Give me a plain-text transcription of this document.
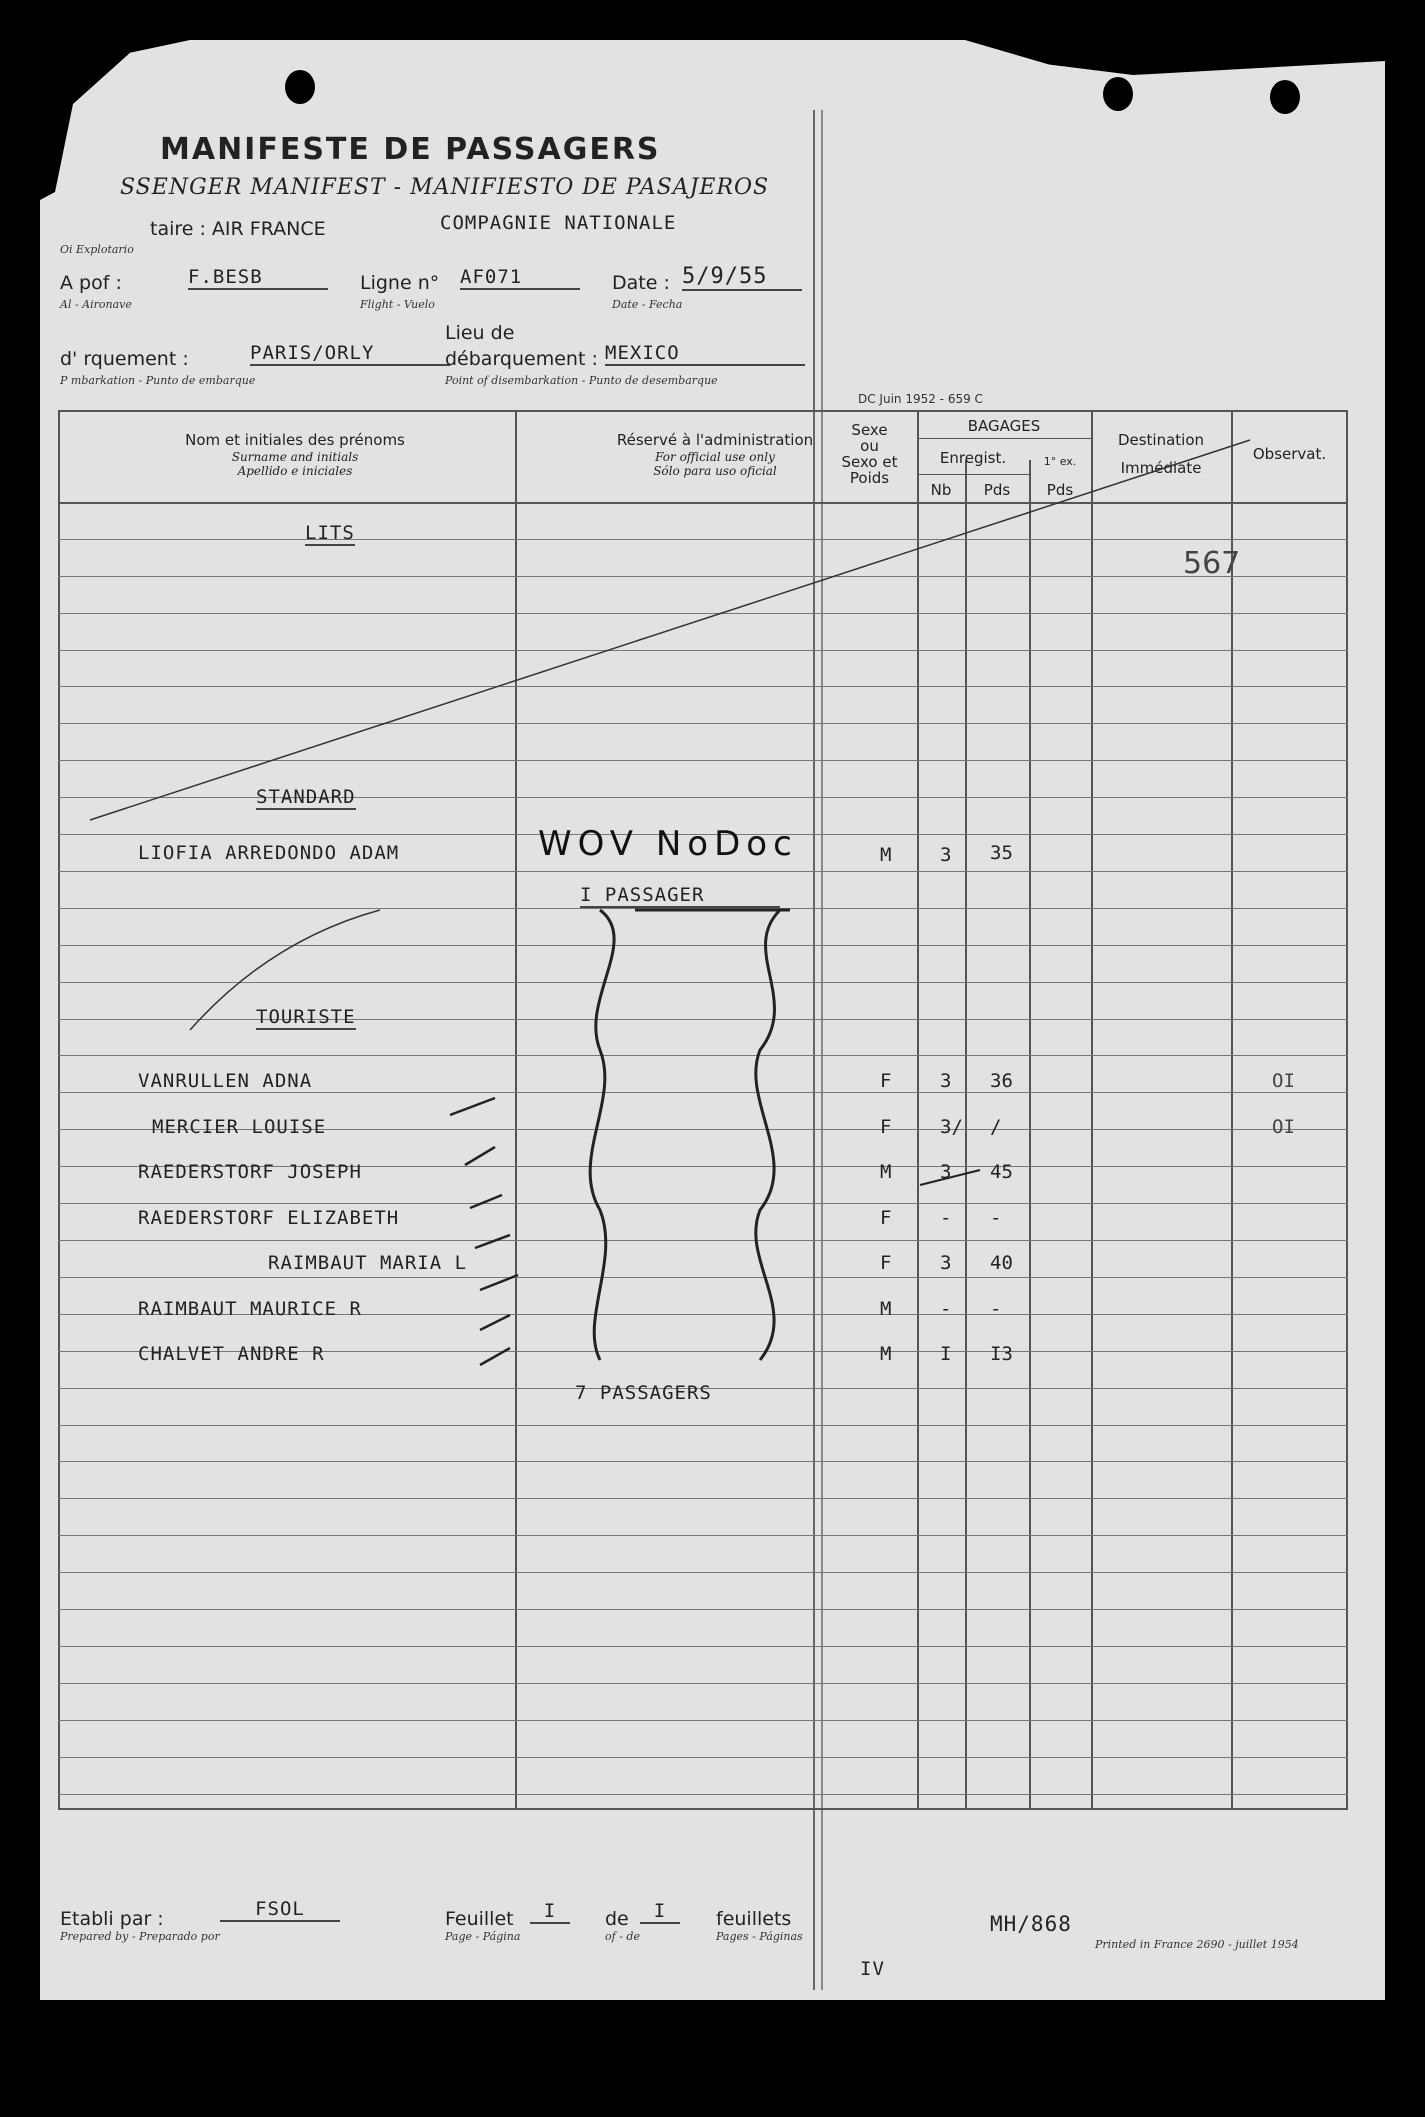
MANIFESTE DE PASSAGERS
SSENGER MANIFEST - MANIFIESTO DE PASAJEROS
taire : AIR FRANCE	COMPAGNIE NATIONALE
Oi Explotario
A pof :	F.BESB
Al - Aironave
Ligne n° AF071
Flight - Vuelo
Date : 5/9/55
Date - Fecha
d' rquement :	PARIS/ORLY
P mbarkation - Punto de embarque
Lieu de
débarquement : MEXICO
Point of disembarkation - Punto de desembarque
DC Juin 1952 - 659 C
Nom et initiales des prénoms
Surname and initials
Apellido e iniciales
Réservé à l'administration
For official use only
Sólo para uso oficial
Sexe
ou
Sexo et
Poids
BAGAGES
Enregist.
Nb	Pds
1° ex.
Pds
Destination
Immédiate
Observat.
LITS
STANDARD
TOURISTE
567
LIOFIA ARREDONDO ADAM	WOV NoDoc	M	3 35
I PASSAGER
VANRULLEN ADNA	F	3 36	OI
MERCIER LOUISE	F	3/ /	OI
RAEDERSTORF JOSEPH	M	3 45
RAEDERSTORF ELIZABETH	F	- -
RAIMBAUT MARIA L	F	3 40
RAIMBAUT MAURICE R	M	- -
CHALVET ANDRE R	M	I I3
7 PASSAGERS
Etabli par :
Prepared by - Preparado por
FSOL	Feuillet
Page - Página
I	de
of - de
I	feuillets
Pages - Páginas
MH/868
Printed in France 2690 - juillet 1954
IV
